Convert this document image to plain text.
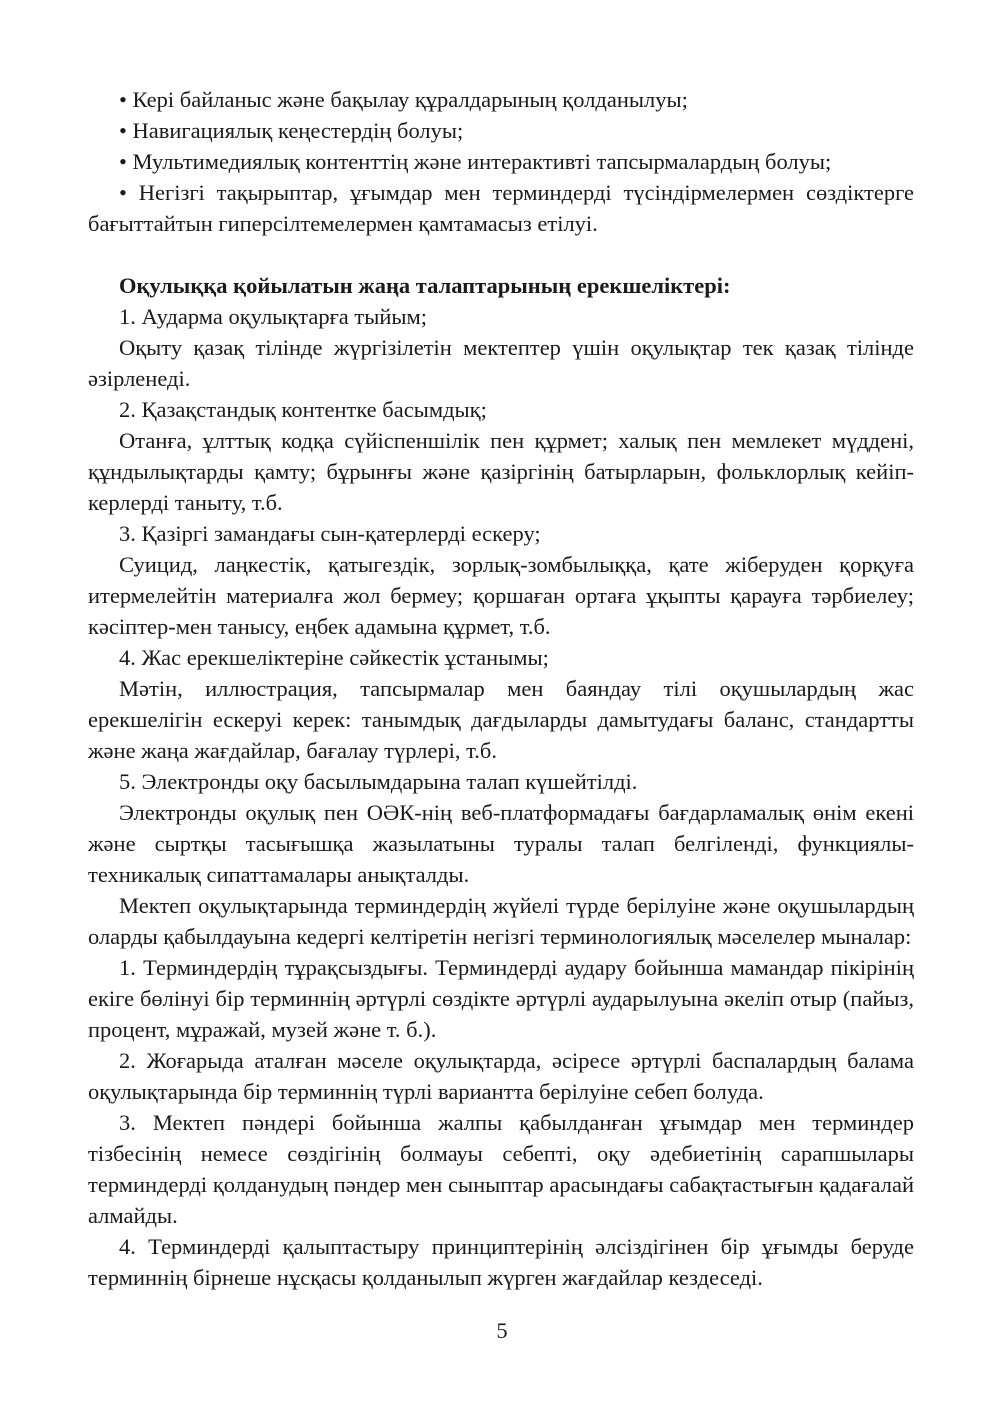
• Кері байланыс және бақылау құралдарының қолданылуы;

• Навигациялық кеңестердің болуы;

• Мультимедиялық контенттің және интерактивті тапсырмалардың болуы;

• Негізгі тақырыптар, ұғымдар мен терминдерді түсіндірмелермен сөздіктерге бағыттайтын гиперсілтемелермен қамтамасыз етілуі.

Оқулыққа қойылатын жаңа талаптарының ерекшеліктері:

1. Аударма оқулықтарға тыйым;

Оқыту қазақ тілінде жүргізілетін мектептер үшін оқулықтар тек қазақ тілінде әзірленеді.

2. Қазақстандық контентке басымдық;

Отанға, ұлттық кодқа сүйіспеншілік пен құрмет; халық пен мемлекет мүддені, құндылықтарды қамту; бұрынғы және қазіргінің батырларын, фольклорлық кейіп-керлерді таныту, т.б.

3. Қазіргі замандағы сын-қатерлерді ескеру;

Суицид, лаңкестік, қатыгездік, зорлық-зомбылыққа, қате жіберуден қорқуға итермелейтін материалға жол бермеу; қоршаған ортаға ұқыпты қарауға тәрбиелеу; кәсіптер-мен танысу, еңбек адамына құрмет, т.б.

4. Жас ерекшеліктеріне сәйкестік ұстанымы;

Мәтін, иллюстрация, тапсырмалар мен баяндау тілі оқушылардың жас ерекшелігін ескеруі керек: танымдық дағдыларды дамытудағы баланс, стандартты және жаңа жағдайлар, бағалау түрлері, т.б.

5. Электронды оқу басылымдарына талап күшейтілді.

Электронды оқулық пен ОӘК-нің веб-платформадағы бағдарламалық өнім екені және сыртқы тасығышқа жазылатыны туралы талап белгіленді, функциялы-техникалық сипаттамалары анықталды.

Мектеп оқулықтарында терминдердің жүйелі түрде берілуіне және оқушылардың оларды қабылдауына кедергі келтіретін негізгі терминологиялық мәселелер мыналар:

1. Терминдердің тұрақсыздығы. Терминдерді аудару бойынша мамандар пікірінің екіге бөлінуі бір терминнің әртүрлі сөздікте әртүрлі аударылуына әкеліп отыр (пайыз, процент, мұражай, музей және т. б.).

2. Жоғарыда аталған мәселе оқулықтарда, әсіресе әртүрлі баспалардың балама оқулықтарында бір терминнің түрлі вариантта берілуіне себеп болуда.

3. Мектеп пәндері бойынша жалпы қабылданған ұғымдар мен терминдер тізбесінің немесе сөздігінің болмауы себепті, оқу әдебиетінің сарапшылары терминдерді қолданудың пәндер мен сыныптар арасындағы сабақтастығын қадағалай алмайды.

4. Терминдерді қалыптастыру принциптерінің әлсіздігінен бір ұғымды беруде терминнің бірнеше нұсқасы қолданылып жүрген жағдайлар кездеседі.

5
